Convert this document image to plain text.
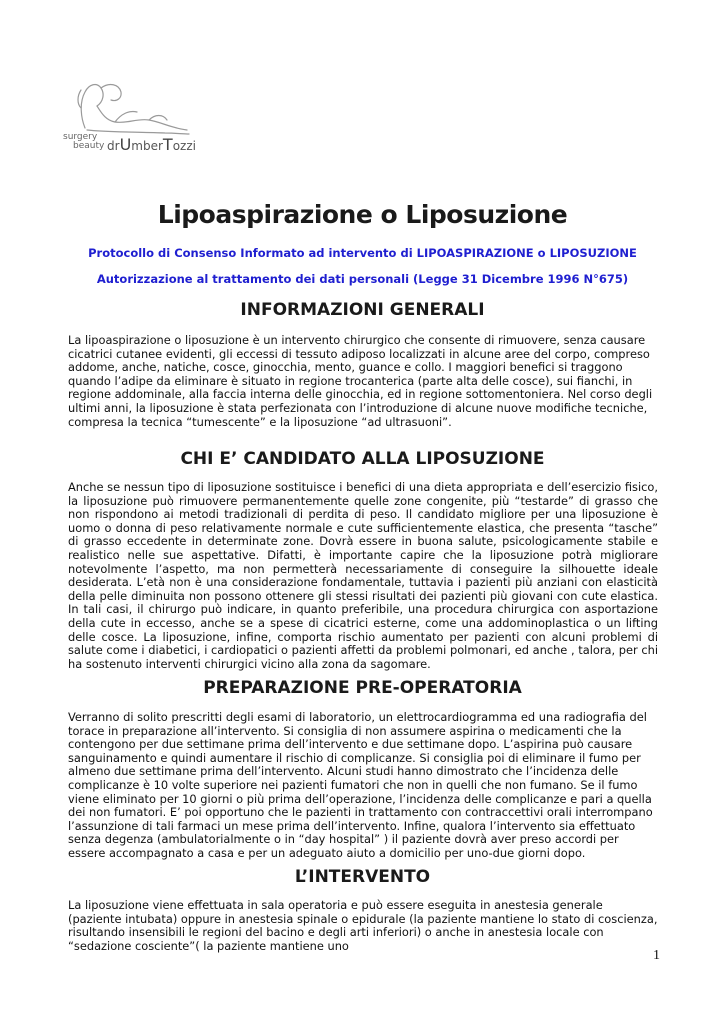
surgery
beauty drUmberTozzi
Lipoaspirazione o Liposuzione

Protocollo di Consenso Informato ad intervento di LIPOASPIRAZIONE o LIPOSUZIONE

Autorizzazione al trattamento dei dati personali (Legge 31 Dicembre 1996 N°675)

INFORMAZIONI GENERALI

La lipoaspirazione o liposuzione è un intervento chirurgico che consente di rimuovere, senza causare cicatrici cutanee evidenti, gli eccessi di tessuto adiposo localizzati in alcune aree del corpo, compreso addome, anche, natiche, cosce, ginocchia, mento, guance e collo. I maggiori benefici si traggono quando l’adipe da eliminare è situato in regione trocanterica (parte alta delle cosce), sui fianchi, in regione addominale, alla faccia interna delle ginocchia, ed in regione sottomentoniera. Nel corso degli ultimi anni, la liposuzione è stata perfezionata con l’introduzione di alcune nuove modifiche tecniche, compresa la tecnica “tumescente” e la liposuzione “ad ultrasuoni”.

CHI E’ CANDIDATO ALLA LIPOSUZIONE

Anche se nessun tipo di liposuzione sostituisce i benefici di una dieta appropriata e dell’esercizio fisico, la liposuzione può rimuovere permanentemente quelle zone congenite, più “testarde” di grasso che non rispondono ai metodi tradizionali di perdita di peso. Il candidato migliore per una liposuzione è uomo o donna di peso relativamente normale e cute sufficientemente elastica, che presenta “tasche” di grasso eccedente in determinate zone. Dovrà essere in buona salute, psicologicamente stabile e realistico nelle sue aspettative. Difatti, è importante capire che la liposuzione potrà migliorare notevolmente l’aspetto, ma non permetterà necessariamente di conseguire la silhouette ideale desiderata. L’età non è una considerazione fondamentale, tuttavia i pazienti più anziani con elasticità della pelle diminuita non possono ottenere gli stessi risultati dei pazienti più giovani con cute elastica. In tali casi, il chirurgo può indicare, in quanto preferibile, una procedura chirurgica con asportazione della cute in eccesso, anche se a spese di cicatrici esterne, come una addominoplastica o un lifting delle cosce. La liposuzione, infine, comporta rischio aumentato per pazienti con alcuni problemi di salute come i diabetici, i cardiopatici o pazienti affetti da problemi polmonari, ed anche , talora, per chi ha sostenuto interventi chirurgici vicino alla zona da sagomare.

PREPARAZIONE PRE-OPERATORIA

Verranno di solito prescritti degli esami di laboratorio, un elettrocardiogramma ed una radiografia del torace in preparazione all’intervento. Si consiglia di non assumere aspirina o medicamenti che la contengono per due settimane prima dell’intervento e due settimane dopo. L’aspirina può causare sanguinamento e quindi aumentare il rischio di complicanze. Si consiglia poi di eliminare il fumo per almeno due settimane prima dell’intervento. Alcuni studi hanno dimostrato che l’incidenza delle complicanze è 10 volte superiore nei pazienti fumatori che non in quelli che non fumano. Se il fumo viene eliminato per 10 giorni o più prima dell’operazione, l’incidenza delle complicanze e pari a quella dei non fumatori. E’ poi opportuno che le pazienti in trattamento con contraccettivi orali interrompano l’assunzione di tali farmaci un mese prima dell’intervento. Infine, qualora l’intervento sia effettuato senza degenza (ambulatorialmente o in “day hospital” ) il paziente dovrà aver preso accordi per essere accompagnato a casa e per un adeguato aiuto a domicilio per uno-due giorni dopo.

L’INTERVENTO

La liposuzione viene effettuata in sala operatoria e può essere eseguita in anestesia generale (paziente intubata) oppure in anestesia spinale o epidurale (la paziente mantiene lo stato di coscienza, risultando insensibili le regioni del bacino e degli arti inferiori) o anche in anestesia locale con “sedazione cosciente”( la paziente mantiene uno

1
